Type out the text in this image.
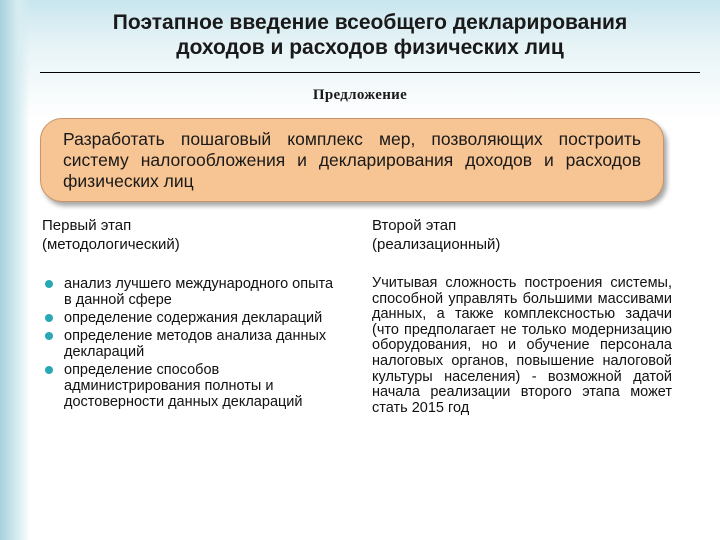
Поэтапное введение всеобщего декларирования
доходов и расходов физических лиц
Предложение

Разработать пошаговый комплекс мер, позволяющих построить систему налогообложения и декларирования доходов и расходов физических лиц

Первый этап

(методологический)

анализ лучшего международного опыта в данной сфере
определение содержания деклараций
определение методов анализа данных деклараций
определение способов администрирования полноты и достоверности данных деклараций

Второй этап

(реализационный)

Учитывая сложность построения системы, способной управлять большими массивами данных, а также комплексностью задачи (что предполагает не только модернизацию оборудования, но и обучение персонала налоговых органов, повышение налоговой культуры населения) - возможной датой начала реализации второго этапа может стать 2015 год
